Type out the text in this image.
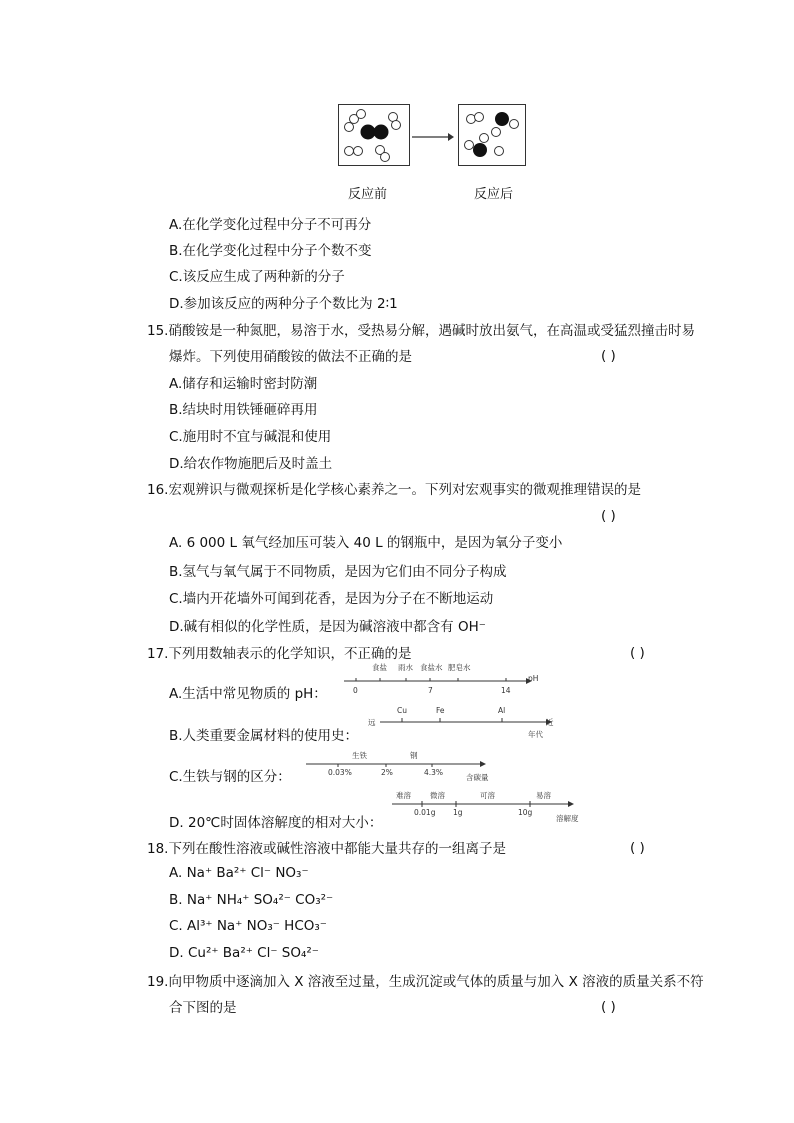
反应前	反应后
A.在化学变化过程中分子不可再分
B.在化学变化过程中分子个数不变
C.该反应生成了两种新的分子
D.参加该反应的两种分子个数比为 2∶1
15.硝酸铵是一种氮肥，易溶于水，受热易分解，遇碱时放出氨气，在高温或受猛烈撞击时易
爆炸。下列使用硝酸铵的做法不正确的是	( )
A.储存和运输时密封防潮
B.结块时用铁锤砸碎再用
C.施用时不宜与碱混和使用
D.给农作物施肥后及时盖土
16.宏观辨识与微观探析是化学核心素养之一。下列对宏观事实的微观推理错误的是
( )
A. 6 000 L 氧气经加压可装入 40 L 的钢瓶中，是因为氧分子变小
B.氢气与氧气属于不同物质，是因为它们由不同分子构成
C.墙内开花墙外可闻到花香，是因为分子在不断地运动
D.碱有相似的化学性质，是因为碱溶液中都含有 OH⁻
17.下列用数轴表示的化学知识，不正确的是	( )
A.生活中常见物质的 pH：
食盐 雨水 食盐水 肥皂水
0	7	14
pH
B.人类重要金属材料的使用史：
Cu	Fe	Al
远	近
年代
C.生铁与钢的区分：
生铁	钢
0.03%	2%	4.3%
含碳量
D. 20℃时固体溶解度的相对大小：
难溶	微溶	可溶	易溶
0.01g 1g	10g
溶解度
18.下列在酸性溶液或碱性溶液中都能大量共存的一组离子是	( )
A. Na⁺ Ba²⁺ Cl⁻ NO₃⁻
B. Na⁺ NH₄⁺ SO₄²⁻ CO₃²⁻
C. Al³⁺ Na⁺ NO₃⁻ HCO₃⁻
D. Cu²⁺ Ba²⁺ Cl⁻ SO₄²⁻
19.向甲物质中逐滴加入 X 溶液至过量，生成沉淀或气体的质量与加入 X 溶液的质量关系不符
合下图的是	( )
